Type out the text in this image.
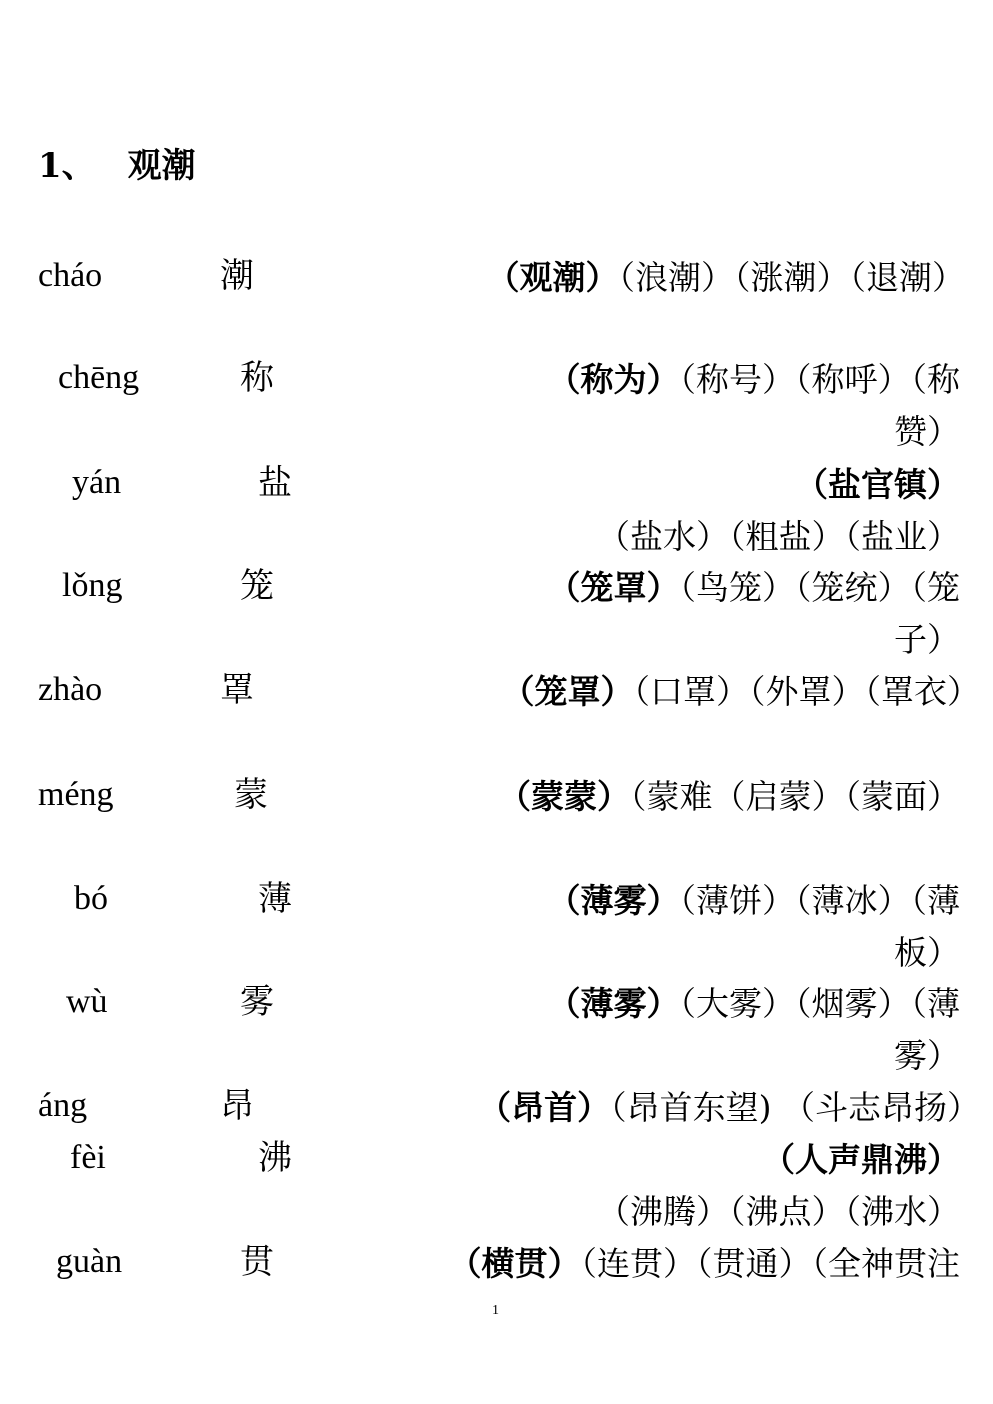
1、 观潮
cháo	潮	（观潮）（浪潮）（涨潮）（退潮）
chēng	称	（称为）（称号）（称呼）（称赞）
yán	盐	（盐官镇）（盐水）（粗盐）（盐业）
lǒng	笼	（笼罩）（鸟笼）（笼统）（笼子）
zhào	罩	（笼罩）（口罩）（外罩）（罩衣）
méng	蒙	（蒙蒙）（蒙难（启蒙）（蒙面）
bó	薄	（薄雾）（薄饼）（薄冰）（薄板）
wù	雾	（薄雾）（大雾）（烟雾）（薄雾）
áng	昂	（昂首）（昂首东望) （斗志昂扬）
fèi	沸	（人声鼎沸）（沸腾）（沸点）（沸水）
guàn	贯	（横贯）（连贯）（贯通）（全神贯注
1
